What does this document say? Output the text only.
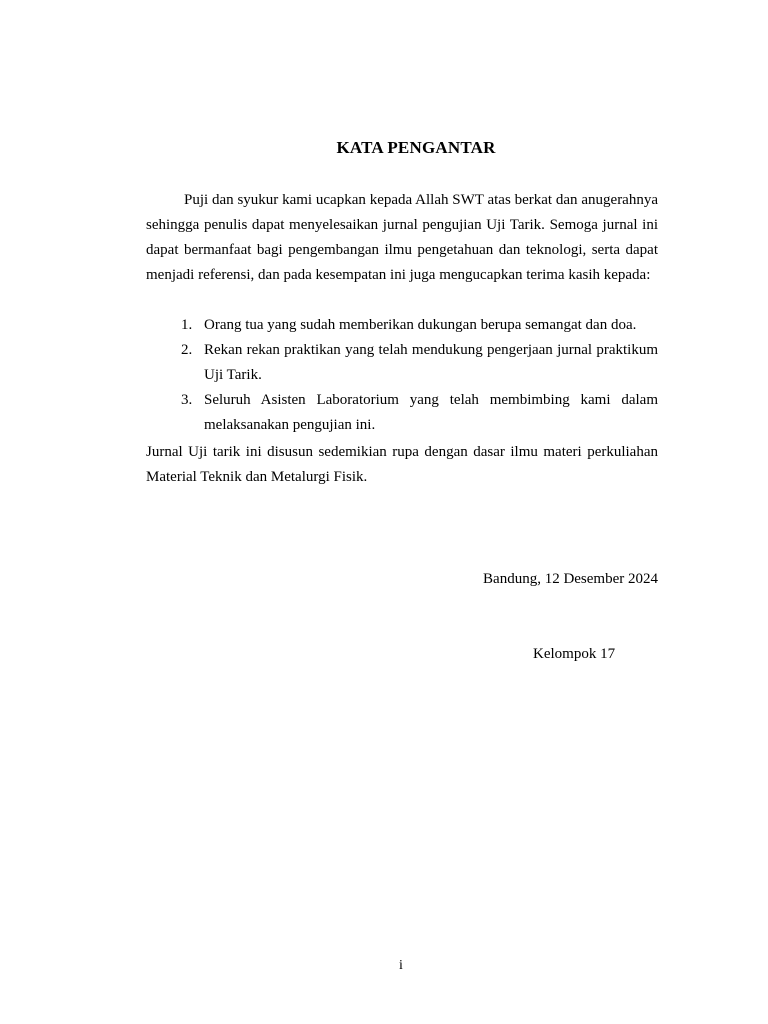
KATA PENGANTAR

Puji dan syukur kami ucapkan kepada Allah SWT atas berkat dan anugerahnya sehingga penulis dapat menyelesaikan jurnal pengujian Uji Tarik. Semoga jurnal ini dapat bermanfaat bagi pengembangan ilmu pengetahuan dan teknologi, serta dapat menjadi referensi, dan pada kesempatan ini juga mengucapkan terima kasih kepada:

1. Orang tua yang sudah memberikan dukungan berupa semangat dan doa.
2. Rekan rekan praktikan yang telah mendukung pengerjaan jurnal praktikum Uji Tarik.
3. Seluruh Asisten Laboratorium yang telah membimbing kami dalam melaksanakan pengujian ini.

Jurnal Uji tarik ini disusun sedemikian rupa dengan dasar ilmu materi perkuliahan Material Teknik dan Metalurgi Fisik.

Bandung, 12 Desember 2024
Kelompok 17
i
